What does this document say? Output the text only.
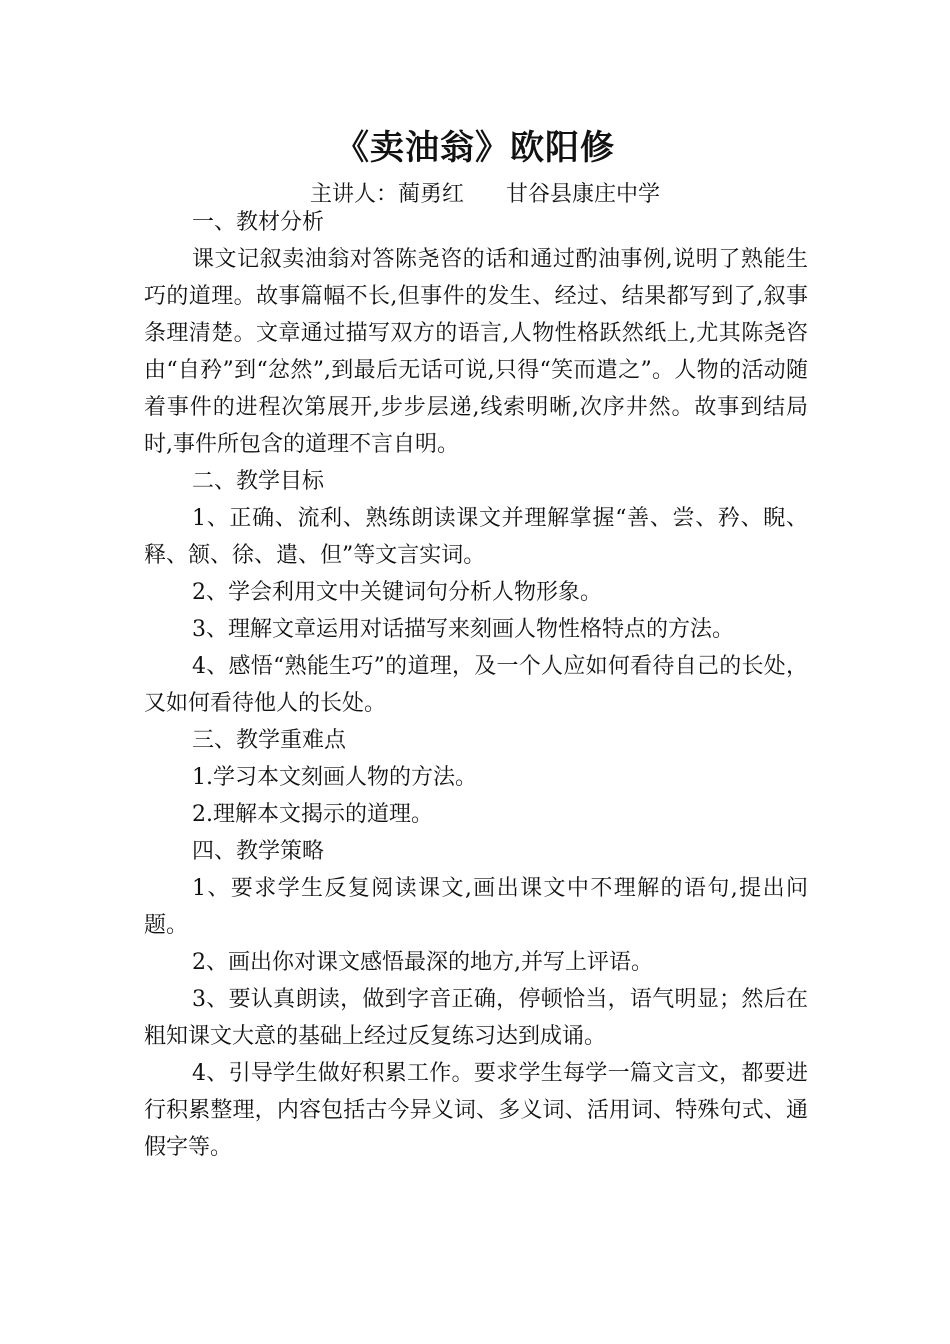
《卖油翁》欧阳修
主讲人：蔺勇红      甘谷县康庄中学

一、教材分析

课文记叙卖油翁对答陈尧咨的话和通过酌油事例,说明了熟能生巧的道理。故事篇幅不长,但事件的发生、经过、结果都写到了,叙事条理清楚。文章通过描写双方的语言,人物性格跃然纸上,尤其陈尧咨由“自矜”到“忿然”,到最后无话可说,只得“笑而遣之”。人物的活动随着事件的进程次第展开,步步层递,线索明晰,次序井然。故事到结局时,事件所包含的道理不言自明。

二、教学目标

1、正确、流利、熟练朗读课文并理解掌握“善、尝、矜、睨、释、颔、徐、遣、但”等文言实词。

2、学会利用文中关键词句分析人物形象。

3、理解文章运用对话描写来刻画人物性格特点的方法。

4、感悟“熟能生巧”的道理，及一个人应如何看待自己的长处，又如何看待他人的长处。

三、教学重难点

1.学习本文刻画人物的方法。

2.理解本文揭示的道理。

四、教学策略

1、要求学生反复阅读课文,画出课文中不理解的语句,提出问题。

2、画出你对课文感悟最深的地方,并写上评语。

3、要认真朗读，做到字音正确，停顿恰当，语气明显；然后在粗知课文大意的基础上经过反复练习达到成诵。

4、引导学生做好积累工作。要求学生每学一篇文言文，都要进行积累整理，内容包括古今异义词、多义词、活用词、特殊句式、通假字等。
